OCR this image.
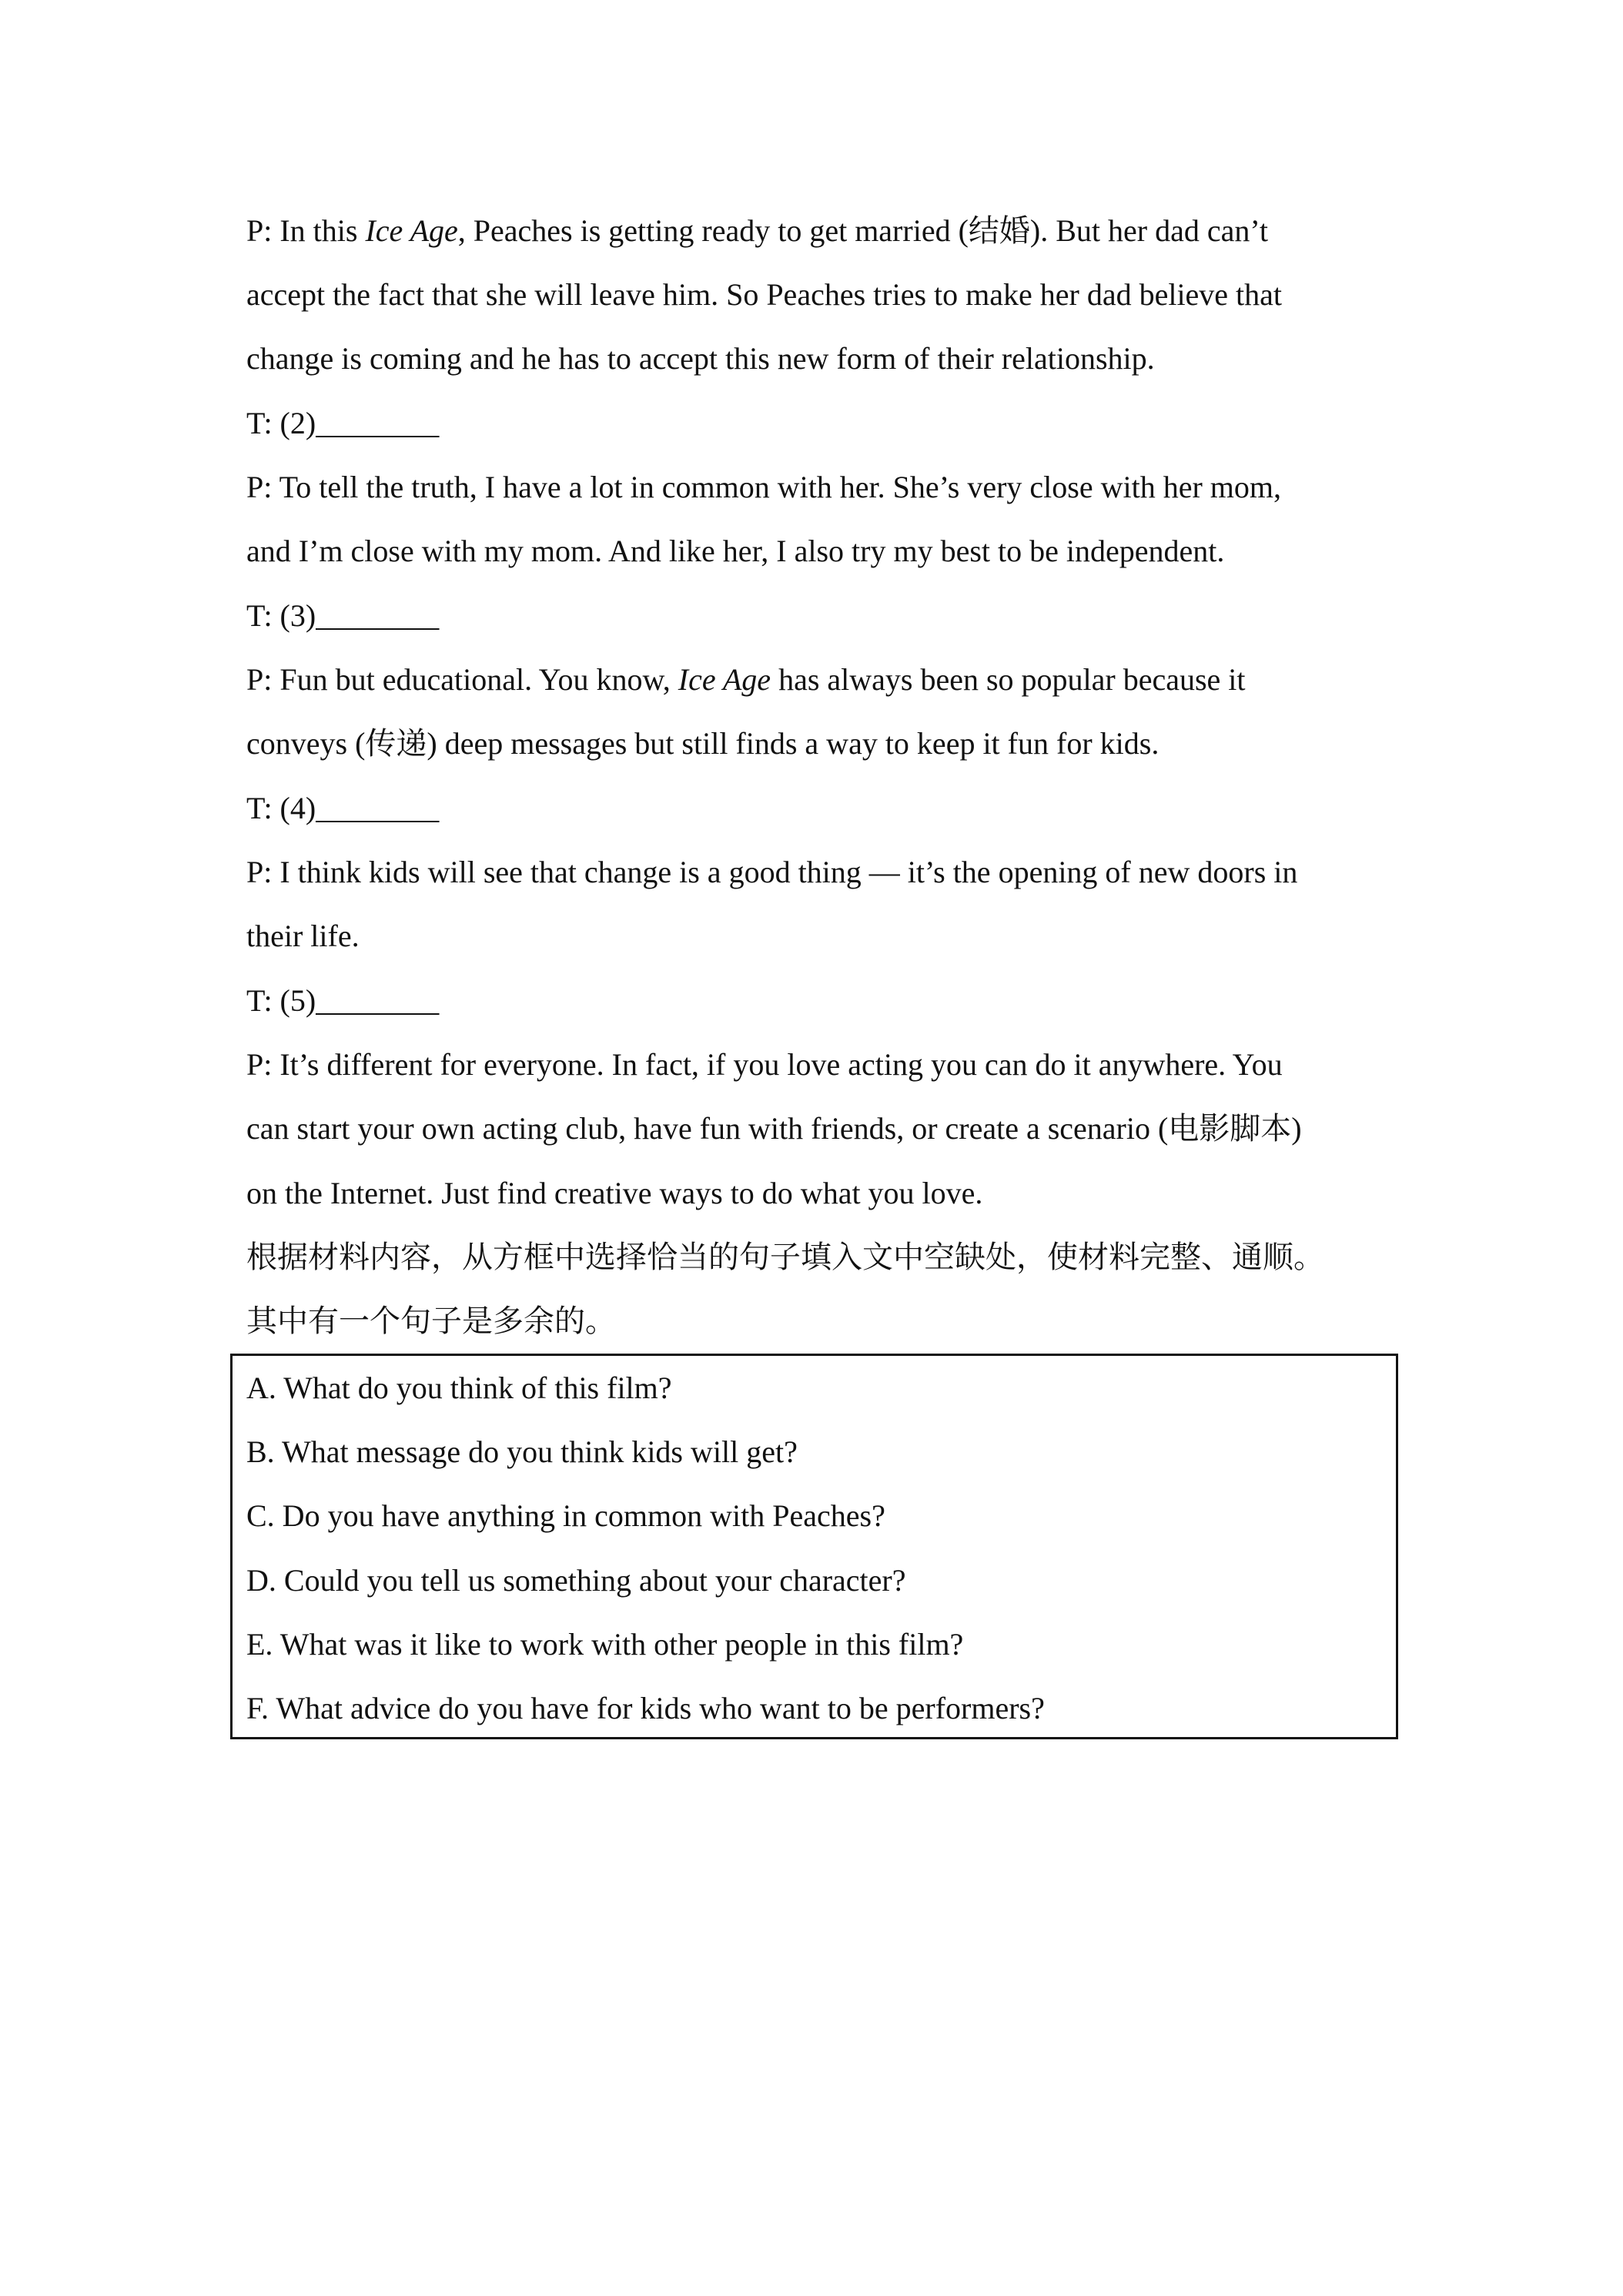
P: In this Ice Age, Peaches is getting ready to get married (结婚). But her dad can’t
accept the fact that she will leave him. So Peaches tries to make her dad believe that
change is coming and he has to accept this new form of their relationship.
T: (2)________
P: To tell the truth, I have a lot in common with her. She’s very close with her mom,
and I’m close with my mom. And like her, I also try my best to be independent.
T: (3)________
P: Fun but educational. You know, Ice Age has always been so popular because it
conveys (传递) deep messages but still finds a way to keep it fun for kids.
T: (4)________
P: I think kids will see that change is a good thing — it’s the opening of new doors in
their life.
T: (5)________
P: It’s different for everyone. In fact, if you love acting you can do it anywhere. You
can start your own acting club, have fun with friends, or create a scenario (电影脚本)
on the Internet. Just find creative ways to do what you love.
根据材料内容，从方框中选择恰当的句子填入文中空缺处，使材料完整、通顺。
其中有一个句子是多余的。
A. What do you think of this film?
B. What message do you think kids will get?
C. Do you have anything in common with Peaches?
D. Could you tell us something about your character?
E. What was it like to work with other people in this film?
F. What advice do you have for kids who want to be performers?
